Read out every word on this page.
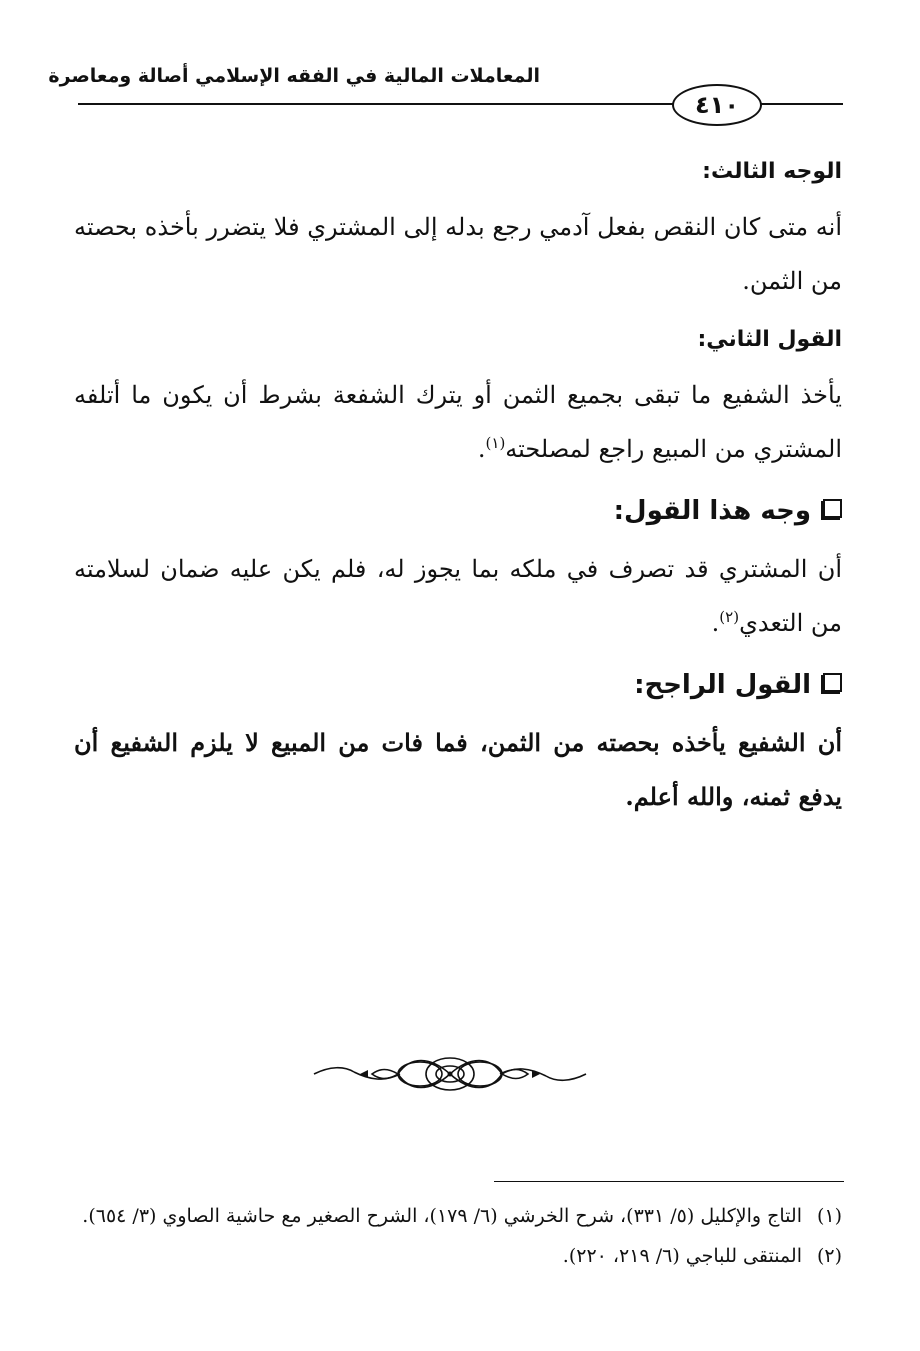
المعاملات المالية في الفقه الإسلامي أصالة ومعاصرة
٤١٠

الوجه الثالث:

أنه متى كان النقص بفعل آدمي رجع بدله إلى المشتري فلا يتضرر بأخذه بحصته من الثمن.

القول الثاني:

يأخذ الشفيع ما تبقى بجميع الثمن أو يترك الشفعة بشرط أن يكون ما أتلفه المشتري من المبيع راجع لمصلحته$^{(١)}$.

وجه هذا القول:

أن المشتري قد تصرف في ملكه بما يجوز له، فلم يكن عليه ضمان لسلامته من التعدي$^{(٢)}$.

القول الراجح:

أن الشفيع يأخذه بحصته من الثمن، فما فات من المبيع لا يلزم الشفيع أن يدفع ثمنه، والله أعلم.

(١)
التاج والإكليل (٥/ ٣٣١)، شرح الخرشي (٦/ ١٧٩)، الشرح الصغير مع حاشية الصاوي (٣/ ٦٥٤).

(٢)
المنتقى للباجي (٦/ ٢١٩، ٢٢٠).
